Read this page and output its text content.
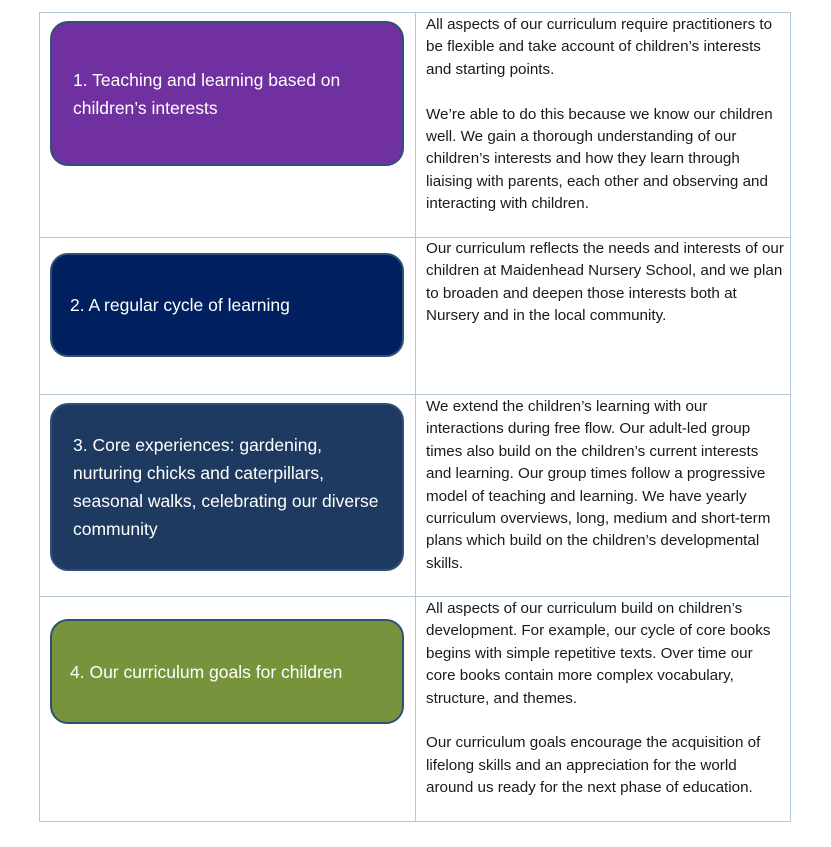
1. Teaching and learning based on children’s interests

All aspects of our curriculum require practitioners to be flexible and take account of children’s interests and starting points.

We’re able to do this because we know our children well. We gain a thorough understanding of our children’s interests and how they learn through liaising with parents, each other and observing and interacting with children.

2. A regular cycle of learning

Our curriculum reflects the needs and interests of our children at Maidenhead Nursery School, and we plan to broaden and deepen those interests both at Nursery and in the local community.

3. Core experiences: gardening, nurturing chicks and caterpillars, seasonal walks, celebrating our diverse community

We extend the children’s learning with our interactions during free flow. Our adult-led group times also build on the children’s current interests and learning. Our group times follow a progressive model of teaching and learning. We have yearly curriculum overviews, long, medium and short-term plans which build on the children’s developmental skills.

4. Our curriculum goals for children

All aspects of our curriculum build on children’s development. For example, our cycle of core books begins with simple repetitive texts. Over time our core books contain more complex vocabulary, structure, and themes.

Our curriculum goals encourage the acquisition of lifelong skills and an appreciation for the world around us ready for the next phase of education.
